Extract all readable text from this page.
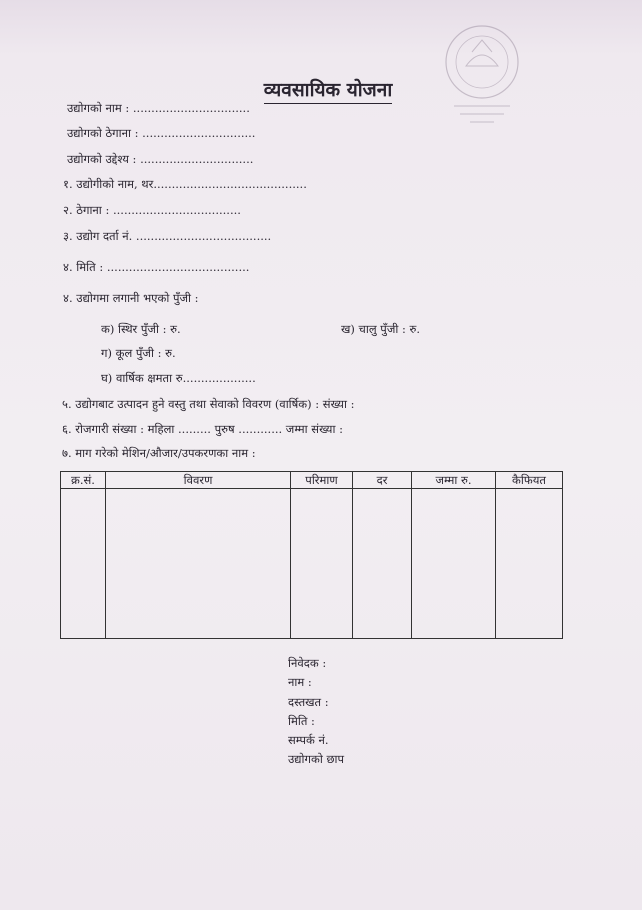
व्यवसायिक योजना
उद्योगको नाम : ................................
उद्योगको ठेगाना : ...............................
उद्योगको उद्देश्य : ...............................
१. उद्योगीको नाम, थर..........................................
२. ठेगाना : ...................................
३. उद्योग दर्ता नं. .....................................
४. मिति : .......................................
४. उद्योगमा लगानी भएको पुँजी :
क) स्थिर पुँजी : रु.	ख) चालु पुँजी : रु.
ग) कूल पुँजी : रु.
घ) वार्षिक क्षमता रु....................
५. उद्योगबाट उत्पादन हुने वस्तु तथा सेवाको विवरण (वार्षिक) : संख्या :
६. रोजगारी संख्या : महिला ......... पुरुष ............ जम्मा संख्या :
७. माग गरेको मेशिन/औजार/उपकरणका नाम :
क्र.सं.	विवरण	परिमाण	दर	जम्मा रु.	कैफियत

निवेदक :
नाम :
दस्तखत :
मिति :
सम्पर्क नं.
उद्योगको छाप
